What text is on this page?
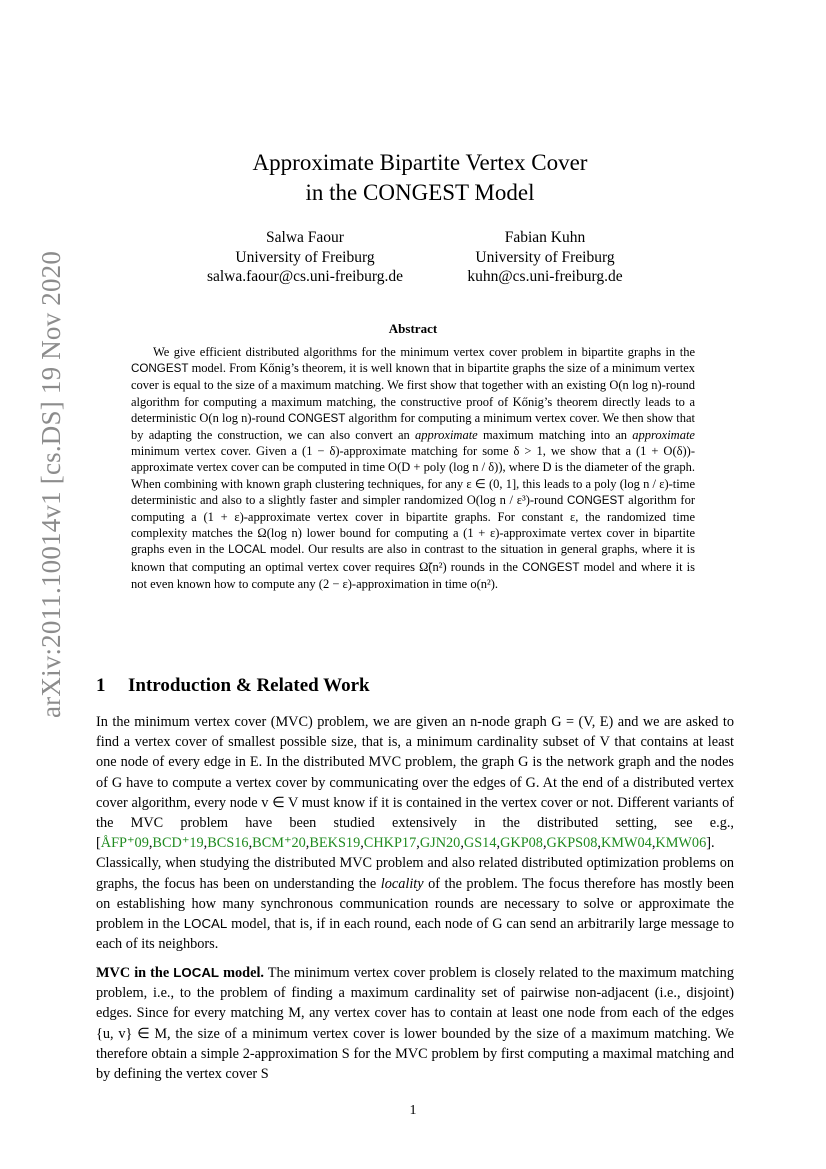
arXiv:2011.10014v1 [cs.DS] 19 Nov 2020
Approximate Bipartite Vertex Cover
in the CONGEST Model
Salwa Faour
University of Freiburg
salwa.faour@cs.uni-freiburg.de
Fabian Kuhn
University of Freiburg
kuhn@cs.uni-freiburg.de
Abstract
We give efficient distributed algorithms for the minimum vertex cover problem in bipartite graphs in the CONGEST model. From Kőnig’s theorem, it is well known that in bipartite graphs the size of a minimum vertex cover is equal to the size of a maximum matching. We first show that together with an existing O(n log n)-round algorithm for computing a maximum matching, the constructive proof of Kőnig’s theorem directly leads to a deterministic O(n log n)-round CONGEST algorithm for computing a minimum vertex cover. We then show that by adapting the construction, we can also convert an approximate maximum matching into an approximate minimum vertex cover. Given a (1 − δ)-approximate matching for some δ > 1, we show that a (1 + O(δ))-approximate vertex cover can be computed in time O(D + poly (log n / δ)), where D is the diameter of the graph. When combining with known graph clustering techniques, for any ε ∈ (0, 1], this leads to a poly (log n / ε)-time deterministic and also to a slightly faster and simpler randomized O(log n / ε³)-round CONGEST algorithm for computing a (1 + ε)-approximate vertex cover in bipartite graphs. For constant ε, the randomized time complexity matches the Ω(log n) lower bound for computing a (1 + ε)-approximate vertex cover in bipartite graphs even in the LOCAL model. Our results are also in contrast to the situation in general graphs, where it is known that computing an optimal vertex cover requires Ω̃(n²) rounds in the CONGEST model and where it is not even known how to compute any (2 − ε)-approximation in time o(n²).
1 Introduction & Related Work
In the minimum vertex cover (MVC) problem, we are given an n-node graph G = (V, E) and we are asked to find a vertex cover of smallest possible size, that is, a minimum cardinality subset of V that contains at least one node of every edge in E. In the distributed MVC problem, the graph G is the network graph and the nodes of G have to compute a vertex cover by communicating over the edges of G. At the end of a distributed vertex cover algorithm, every node v ∈ V must know if it is contained in the vertex cover or not. Different variants of the MVC problem have been studied extensively in the distributed setting, see e.g., [ÅFP⁺09,BCD⁺19,BCS16,BCM⁺20,BEKS19,CHKP17,GJN20,GS14,GKP08,GKPS08,KMW04,KMW06]. Classically, when studying the distributed MVC problem and also related distributed optimization problems on graphs, the focus has been on understanding the locality of the problem. The focus therefore has mostly been on establishing how many synchronous communication rounds are necessary to solve or approximate the problem in the LOCAL model, that is, if in each round, each node of G can send an arbitrarily large message to each of its neighbors.
MVC in the LOCAL model. The minimum vertex cover problem is closely related to the maximum matching problem, i.e., to the problem of finding a maximum cardinality set of pairwise non-adjacent (i.e., disjoint) edges. Since for every matching M, any vertex cover has to contain at least one node from each of the edges {u, v} ∈ M, the size of a minimum vertex cover is lower bounded by the size of a maximum matching. We therefore obtain a simple 2-approximation S for the MVC problem by first computing a maximal matching and by defining the vertex cover S
1
